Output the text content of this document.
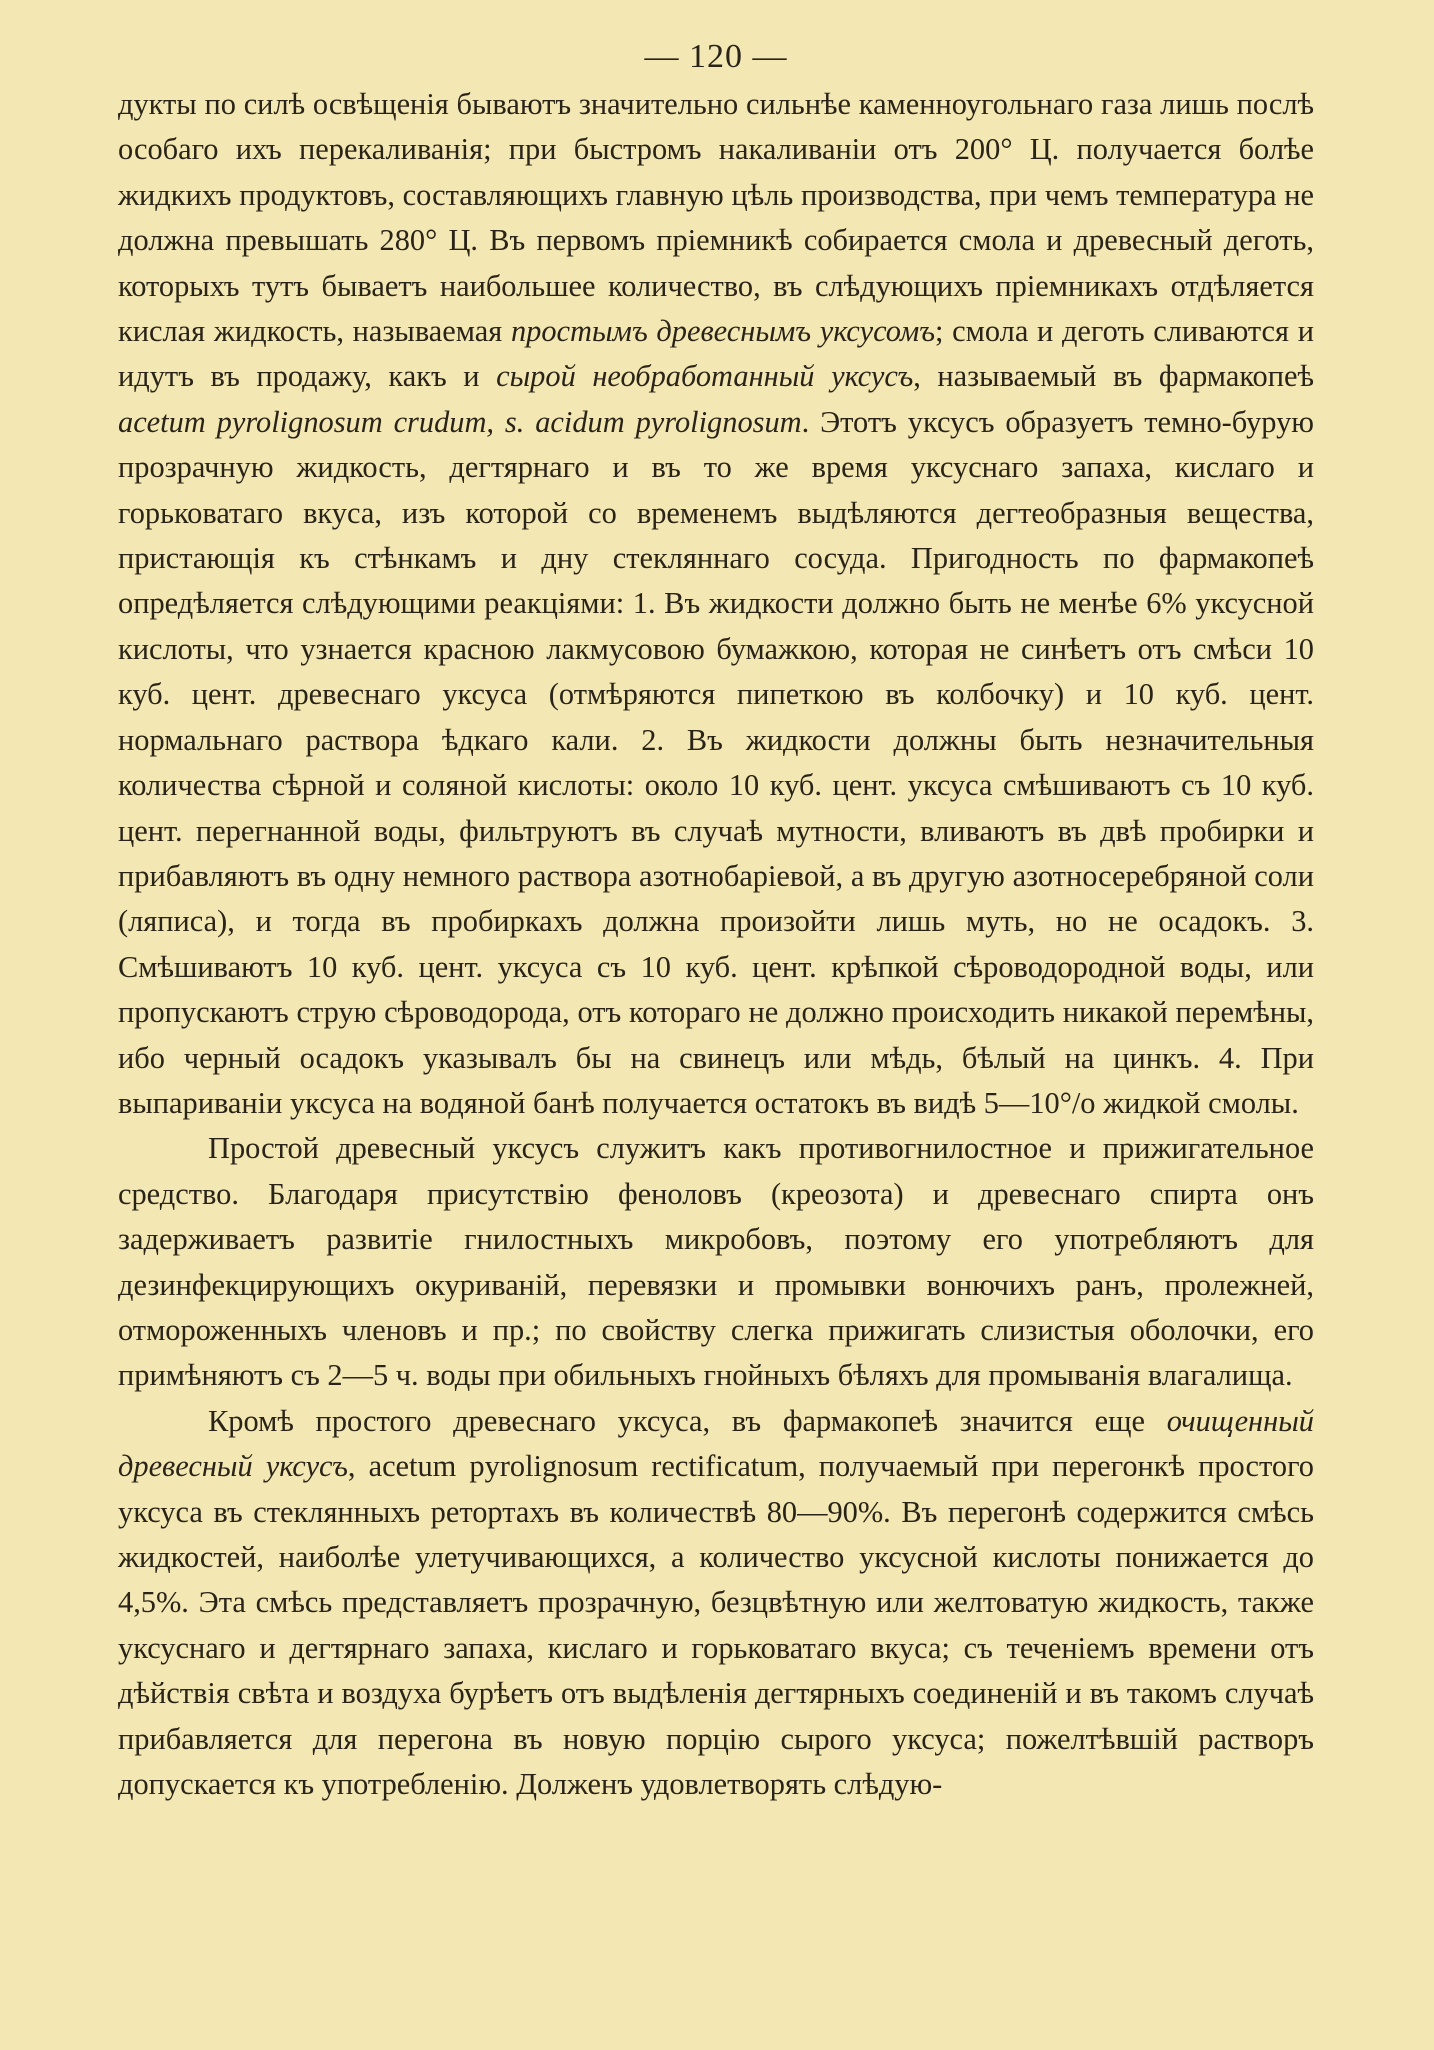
— 120 —

дукты по силѣ освѣщенія бываютъ значительно сильнѣе каменноугольнаго газа лишь послѣ особаго ихъ перекаливанія; при быстромъ накаливаніи отъ 200° Ц. получается болѣе жидкихъ продуктовъ, составляющихъ главную цѣль производства, при чемъ температура не должна превышать 280° Ц. Въ первомъ пріемникѣ собирается смола и древесный деготь, которыхъ тутъ бываетъ наибольшее количество, въ слѣдующихъ пріемникахъ отдѣляется кислая жидкость, называемая простымъ древеснымъ уксусомъ; смола и деготь сливаются и идутъ въ продажу, какъ и сырой необработанный уксусъ, называемый въ фармакопеѣ acetum pyrolignosum crudum, s. acidum pyrolignosum. Этотъ уксусъ образуетъ темно-бурую прозрачную жидкость, дегтярнаго и въ то же время уксуснаго запаха, кислаго и горьковатаго вкуса, изъ которой со временемъ выдѣляются дегтеобразныя вещества, пристающія къ стѣнкамъ и дну стекляннаго сосуда. Пригодность по фармакопеѣ опредѣляется слѣдующими реакціями: 1. Въ жидкости должно быть не менѣе 6% уксусной кислоты, что узнается красною лакмусовою бумажкою, которая не синѣетъ отъ смѣси 10 куб. цент. древеснаго уксуса (отмѣряются пипеткою въ колбочку) и 10 куб. цент. нормальнаго раствора ѣдкаго кали. 2. Въ жидкости должны быть незначительныя количества сѣрной и соляной кислоты: около 10 куб. цент. уксуса смѣшиваютъ съ 10 куб. цент. перегнанной воды, фильтруютъ въ случаѣ мутности, вливаютъ въ двѣ пробирки и прибавляютъ въ одну немного раствора азотнобаріевой, а въ другую азотносеребряной соли (ляписа), и тогда въ пробиркахъ должна произойти лишь муть, но не осадокъ. 3. Смѣшиваютъ 10 куб. цент. уксуса съ 10 куб. цент. крѣпкой сѣроводородной воды, или пропускаютъ струю сѣроводорода, отъ котораго не должно происходить никакой перемѣны, ибо черный осадокъ указывалъ бы на свинецъ или мѣдь, бѣлый на цинкъ. 4. При выпариваніи уксуса на водяной банѣ получается остатокъ въ видѣ 5—10°/о жидкой смолы.

Простой древесный уксусъ служитъ какъ противогнилостное и прижигательное средство. Благодаря присутствію феноловъ (креозота) и древеснаго спирта онъ задерживаетъ развитіе гнилостныхъ микробовъ, поэтому его употребляютъ для дезинфекцирующихъ окуриваній, перевязки и промывки вонючихъ ранъ, пролежней, отмороженныхъ членовъ и пр.; по свойству слегка прижигать слизистыя оболочки, его примѣняютъ съ 2—5 ч. воды при обильныхъ гнойныхъ бѣляхъ для промыванія влагалища.

Кромѣ простого древеснаго уксуса, въ фармакопеѣ значится еще очищенный древесный уксусъ, acetum pyrolignosum rectificatum, получаемый при перегонкѣ простого уксуса въ стеклянныхъ ретортахъ въ количествѣ 80—90%. Въ перегонѣ содержится смѣсь жидкостей, наиболѣе улетучивающихся, а количество уксусной кислоты понижается до 4,5%. Эта смѣсь представляетъ прозрачную, безцвѣтную или желтоватую жидкость, также уксуснаго и дегтярнаго запаха, кислаго и горьковатаго вкуса; съ теченіемъ времени отъ дѣйствія свѣта и воздуха бурѣетъ отъ выдѣленія дегтярныхъ соединеній и въ такомъ случаѣ прибавляется для перегона въ новую порцію сырого уксуса; пожелтѣвшій растворъ допускается къ употребленію. Долженъ удовлетворять слѣдую-
